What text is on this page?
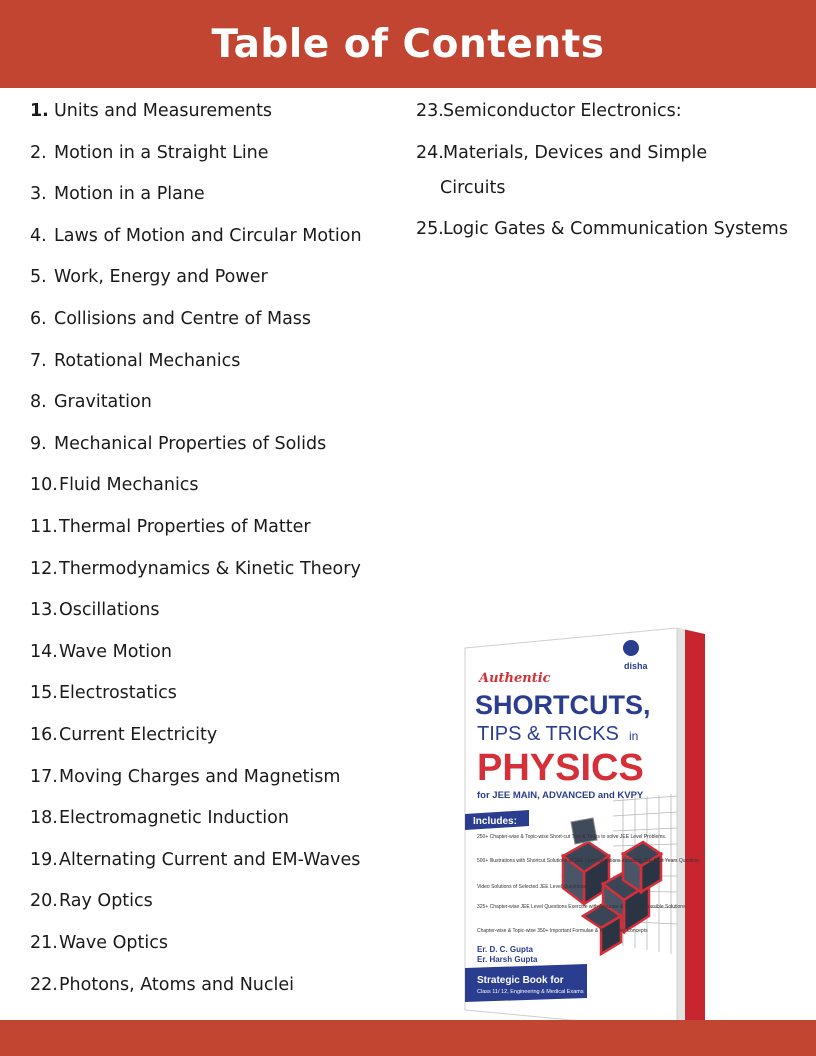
Table of Contents
1. Units and Measurements
2. Motion in a Straight Line
3. Motion in a Plane
4. Laws of Motion and Circular Motion
5. Work, Energy and Power
6. Collisions and Centre of Mass
7. Rotational Mechanics
8. Gravitation
9. Mechanical Properties of Solids
10.Fluid Mechanics
11.Thermal Properties of Matter
12.Thermodynamics & Kinetic Theory
13.Oscillations
14.Wave Motion
15.Electrostatics
16.Current Electricity
17.Moving Charges and Magnetism
18.Electromagnetic Induction
19.Alternating Current and EM-Waves
20.Ray Optics
21.Wave Optics
22.Photons, Atoms and Nuclei
23.Semiconductor Electronics:
24.Materials, Devices and Simple
Circuits
25.Logic Gates & Communication Systems
disha
Authentic
SHORTCUTS,
TIPS & TRICKS in
PHYSICS
for JEE MAIN, ADVANCED and KVPY
Includes:
250+ Chapter-wise & Topic-wise Short-cut Tips & Tricks to solve JEE Level Problems.
500+ Illustrations with Shortcut Solutions of JEE Level Questions including JEE Past Years Question.
Video Solutions of Selected JEE Level Questions.
325+ Chapter-wise JEE Level Questions Exercise with Accurate & Shortest Possible Solutions.
Chapter-wise & Topic-wise 350+ Important Formulae & Key Theory Concepts
Er. D. C. Gupta
Er. Harsh Gupta
Strategic Book for
Class 11/ 12, Engineering & Medical Exams
